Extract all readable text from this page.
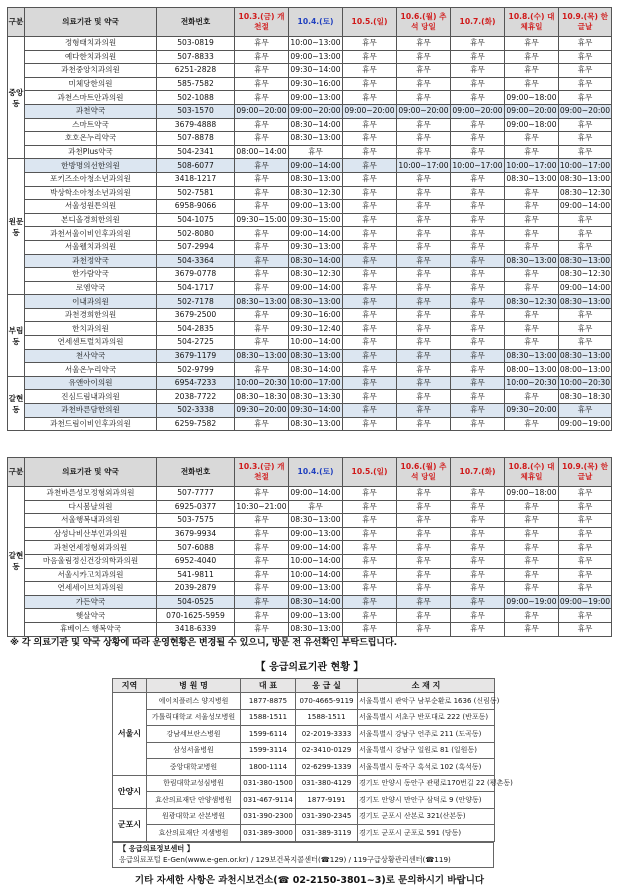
구분	의료기관 및 약국	전화번호	10.3.(금) 개천절	10.4.(토)	10.5.(일)	10.6.(월) 추석 당일	10.7.(화)	10.8.(수) 대체휴일	10.9.(목) 한글날
중앙동	정형태치과의원	503-0819	휴무	10:00~13:00	휴무	휴무	휴무	휴무	휴무
	예다한치과의원	507-8833	휴무	09:00~13:00	휴무	휴무	휴무	휴무	휴무
	과천중앙치과의원	6251-2828	휴무	09:30~14:00	휴무	휴무	휴무	휴무	휴무
	미체당한의원	585-7582	휴무	09:30~16:00	휴무	휴무	휴무	휴무	휴무
	과천스마트안과의원	502-1088	휴무	09:00~13:00	휴무	휴무	휴무	09:00~18:00	휴무
	과천약국	503-1570	09:00~20:00	09:00~20:00	09:00~20:00	09:00~20:00	09:00~20:00	09:00~20:00	09:00~20:00
	스마트약국	3679-4888	휴무	08:30~14:00	휴무	휴무	휴무	09:00~18:00	휴무
	호호온누리약국	507-8878	휴무	08:30~13:00	휴무	휴무	휴무	휴무	휴무
	과천Plus약국	504-2341	08:00~14:00	휴무	휴무	휴무	휴무	휴무	휴무
원문동	한방명의선한의원	508-6077	휴무	09:00~14:00	휴무	10:00~17:00	10:00~17:00	10:00~17:00	10:00~17:00
	포키즈소아청소년과의원	3418-1217	휴무	08:30~13:00	휴무	휴무	휴무	08:30~13:00	08:30~13:00
	박상학소아청소년과의원	502-7581	휴무	08:30~12:30	휴무	휴무	휴무	휴무	08:30~12:30
	서울성원튼의원	6958-9066	휴무	09:00~13:00	휴무	휴무	휴무	휴무	09:00~14:00
	본디올경희한의원	504-1075	09:30~15:00	09:30~15:00	휴무	휴무	휴무	휴무	휴무
	과천서울이비인후과의원	502-8080	휴무	09:00~14:00	휴무	휴무	휴무	휴무	휴무
	서울웰치과의원	507-2994	휴무	09:30~13:00	휴무	휴무	휴무	휴무	휴무
	과천정약국	504-3364	휴무	08:30~14:00	휴무	휴무	휴무	08:30~13:00	08:30~13:00
	한가람약국	3679-0778	휴무	08:30~12:30	휴무	휴무	휴무	휴무	08:30~12:30
	로엠약국	504-1717	휴무	09:00~14:00	휴무	휴무	휴무	휴무	09:00~14:00
부림동	이내과의원	502-7178	08:30~13:00	08:30~13:00	휴무	휴무	휴무	08:30~12:30	08:30~13:00
	과천경희한의원	3679-2500	휴무	09:30~16:00	휴무	휴무	휴무	휴무	휴무
	한치과의원	504-2835	휴무	09:30~12:40	휴무	휴무	휴무	휴무	휴무
	연세센트럴치과의원	504-2725	휴무	10:00~14:00	휴무	휴무	휴무	휴무	휴무
	천사약국	3679-1179	08:30~13:00	08:30~13:00	휴무	휴무	휴무	08:30~13:00	08:30~13:00
	서울온누리약국	502-9799	휴무	08:30~14:00	휴무	휴무	휴무	08:00~13:00	08:00~13:00
갈현동	유앤아이의원	6954-7233	10:00~20:30	10:00~17:00	휴무	휴무	휴무	10:00~20:30	10:00~20:30
	진심드림내과의원	2038-7722	08:30~18:30	08:30~13:30	휴무	휴무	휴무	휴무	08:30~18:30
	과천바른담한의원	502-3338	09:30~20:00	09:30~14:00	휴무	휴무	휴무	09:30~20:00	휴무
	과천드림이비인후과의원	6259-7582	휴무	08:30~13:00	휴무	휴무	휴무	휴무	09:00~19:00
구분	의료기관 및 약국	전화번호	10.3.(금) 개천절	10.4.(토)	10.5.(일)	10.6.(월) 추석 당일	10.7.(화)	10.8.(수) 대체휴일	10.9.(목) 한글날
갈현동	과천바른성모정형외과의원	507-7777	휴무	09:00~14:00	휴무	휴무	휴무	09:00~18:00	휴무
	다시봄날의원	6925-0377	10:30~21:00	휴무	휴무	휴무	휴무	휴무	휴무
	서울행복내과의원	503-7575	휴무	08:30~13:00	휴무	휴무	휴무	휴무	휴무
	삼성나비산부인과의원	3679-9934	휴무	09:00~13:00	휴무	휴무	휴무	휴무	휴무
	과천연세정형외과의원	507-6088	휴무	09:00~14:00	휴무	휴무	휴무	휴무	휴무
	마음울림정신건강의학과의원	6952-4040	휴무	10:00~14:00	휴무	휴무	휴무	휴무	휴무
	서울시카고치과의원	541-9811	휴무	10:00~14:00	휴무	휴무	휴무	휴무	휴무
	연세세이브치과의원	2039-2879	휴무	09:00~13:00	휴무	휴무	휴무	휴무	휴무
	가든약국	504-0525	휴무	08:30~14:00	휴무	휴무	휴무	09:00~19:00	09:00~19:00
	햇살약국	070-1625-5959	휴무	09:00~13:00	휴무	휴무	휴무	휴무	휴무
	휴베이스 행복약국	3418-6339	휴무	08:30~13:00	휴무	휴무	휴무	휴무	휴무
※ 각 의료기관 및 약국 상황에 따라 운영현황은 변경될 수 있으니, 방문 전 유선확인 부탁드립니다.
【 응급의료기관 현황 】
지역	병 원 명	대 표	응 급 실	소 재 지
서울시	에이치플러스 양지병원	1877-8875	070-4665-9119	서울특별시 관악구 남부순환로 1636 (신림동)
	가톨릭대학교 서울성모병원	1588-1511	1588-1511	서울특별시 서초구 반포대로 222 (반포동)
	강남세브란스병원	1599-6114	02-2019-3333	서울특별시 강남구 언주로 211 (도곡동)
	삼성서울병원	1599-3114	02-3410-0129	서울특별시 강남구 일원로 81 (일원동)
	중앙대학교병원	1800-1114	02-6299-1339	서울특별시 동작구 흑석로 102 (흑석동)
안양시	한림대학교성심병원	031-380-1500	031-380-4129	경기도 안양시 동안구 관평로170번길 22 (평촌동)
	효산의료재단 안양샘병원	031-467-9114	1877-9191	경기도 안양시 만안구 삼덕로 9 (안양동)
군포시	원광대학교 산본병원	031-390-2300	031-390-2345	경기도 군포시 산본로 321(산본동)
	효산의료재단 지샘병원	031-389-3000	031-389-3119	경기도 군포시 군포로 591 (당동)
【 응급의료정보센터 】
응급의료포털 E-Gen(www.e-gen.or.kr) / 129보건복지콜센터(☎129) / 119구급상황관리센터(☎119)
기타 자세한 사항은 과천시보건소(☎ 02-2150-3801~3)로 문의하시기 바랍니다
